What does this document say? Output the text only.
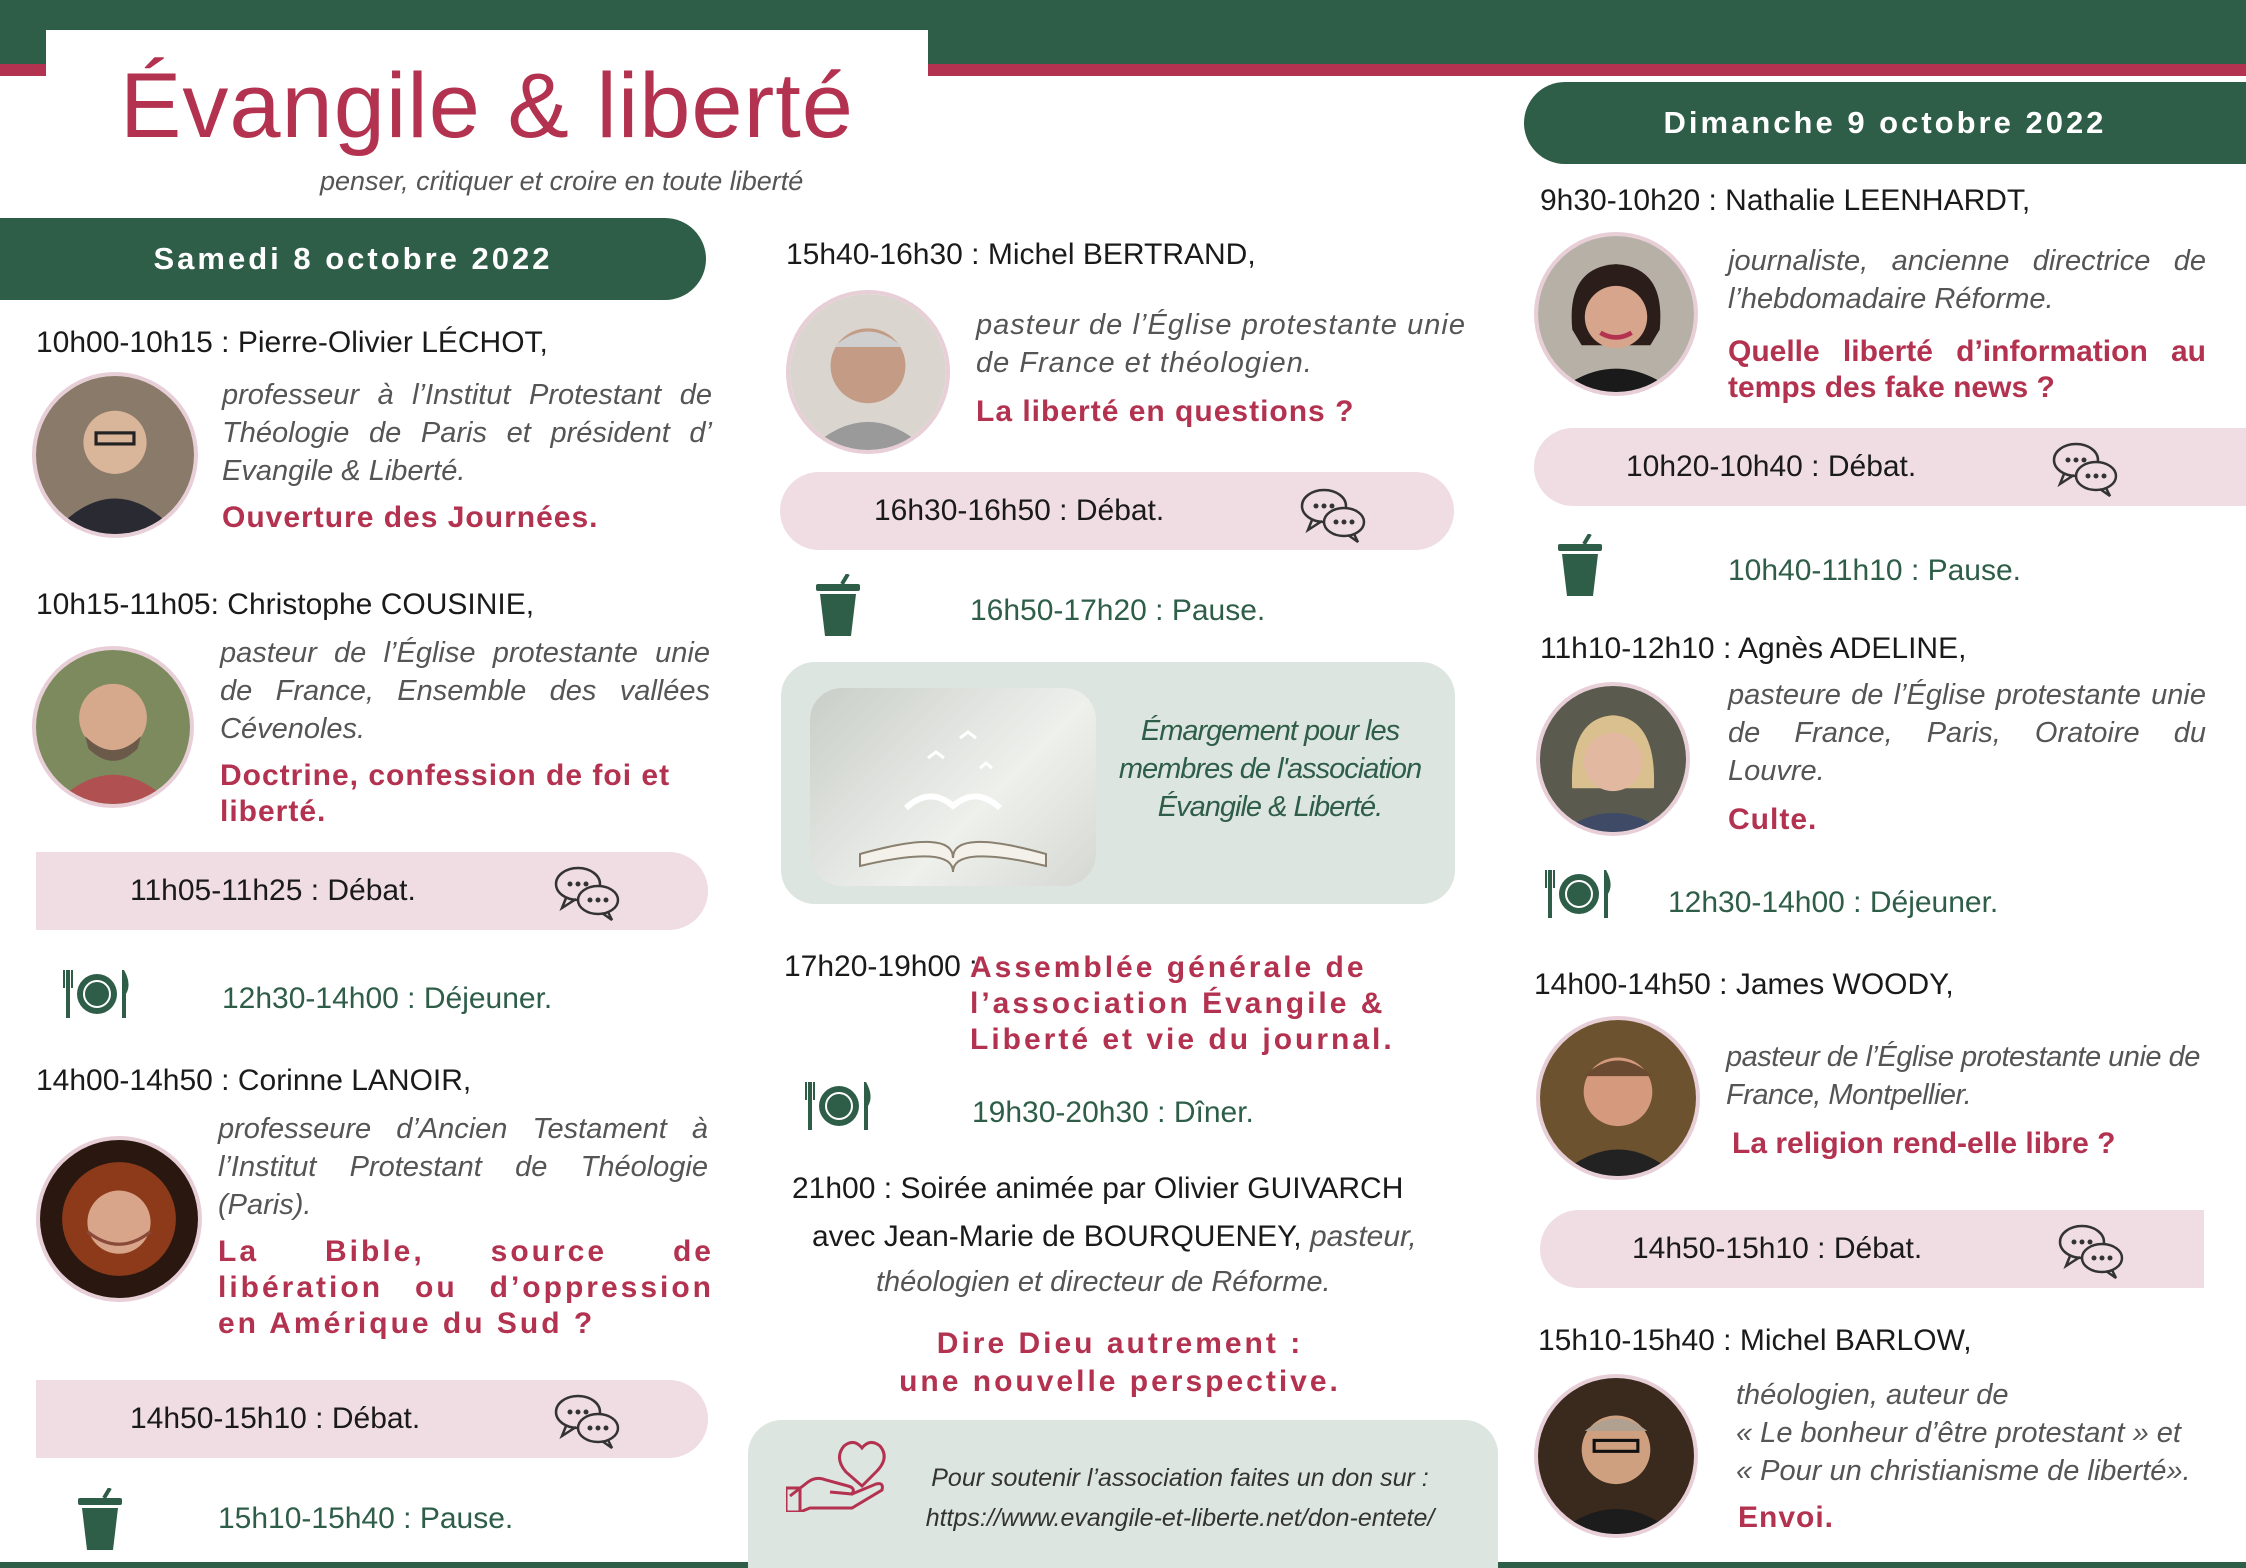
Évangile & liberté
penser, critiquer et croire en toute liberté
Samedi 8 octobre 2022
10h00-10h15 : Pierre-Olivier LÉCHOT,
professeur à l’Institut Protestant de Théologie de Paris et président d’ Evangile & Liberté.
Ouverture des Journées.
10h15-11h05: Christophe COUSINIE,
pasteur de l’Église protestante unie de France, Ensemble des vallées Cévenoles.
Doctrine, confession de foi et liberté.
11h05-11h25 : Débat.
12h30-14h00 : Déjeuner.
14h00-14h50 : Corinne LANOIR,
professeure d’Ancien Testament à l’Institut Protestant de Théologie (Paris).
La Bible, source de libération ou d’oppression en Amérique du Sud ?
14h50-15h10 : Débat.
15h10-15h40 : Pause.
15h40-16h30 : Michel BERTRAND,
pasteur de l’Église protestante unie de France et théologien.
La liberté en questions ?
16h30-16h50 : Débat.
16h50-17h20 : Pause.
Émargement pour les membres de l'association Évangile & Liberté.
17h20-19h00 :
Assemblée générale de l’association Évangile & Liberté et vie du journal.
19h30-20h30 : Dîner.
21h00 : Soirée animée par Olivier GUIVARCH
avec Jean-Marie de BOURQUENEY, pasteur,
théologien et directeur de Réforme.
Dire Dieu autrement :
une nouvelle perspective.
Pour soutenir l’association faites un don sur :
https://www.evangile-et-liberte.net/don-entete/
Dimanche 9 octobre 2022
9h30-10h20 : Nathalie LEENHARDT,
journaliste, ancienne directrice de l’hebdomadaire Réforme.
Quelle liberté d’information au temps des fake news ?
10h20-10h40 : Débat.
10h40-11h10 : Pause.
11h10-12h10 : Agnès ADELINE,
pasteure de l’Église protestante unie de France, Paris, Oratoire du Louvre.
Culte.
12h30-14h00 : Déjeuner.
14h00-14h50 : James WOODY,
pasteur de l’Église protestante unie de France, Montpellier.
La religion rend-elle libre ?
14h50-15h10 : Débat.
15h10-15h40 : Michel BARLOW,
théologien, auteur de
« Le bonheur d’être protestant » et
« Pour un christianisme de liberté».
Envoi.
